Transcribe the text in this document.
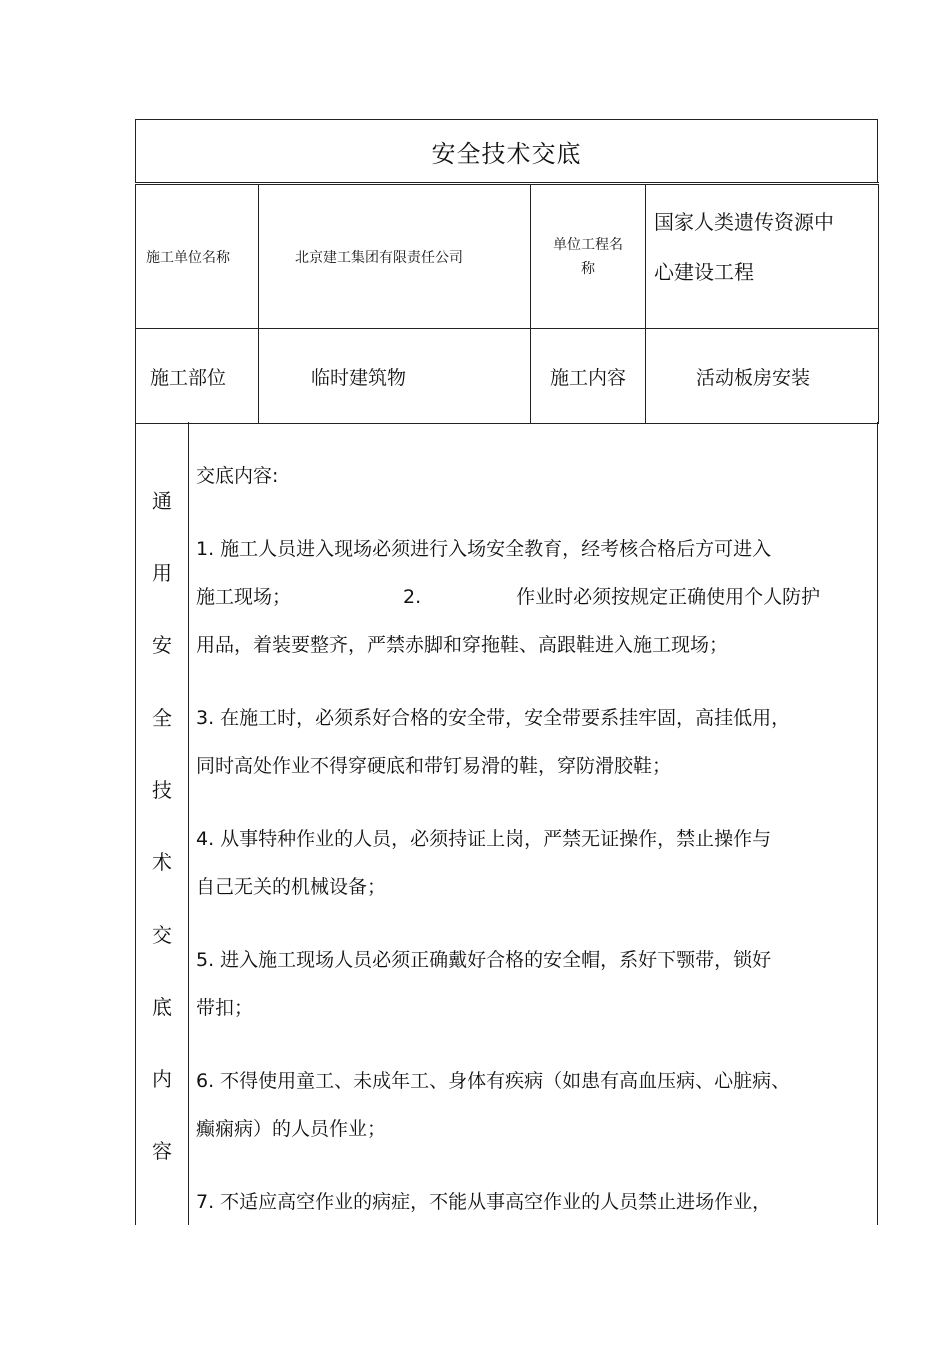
安全技术交底
施工单位名称	北京建工集团有限责任公司	单位工程名
称	国家人类遗传资源中
心建设工程

施工部位	临时建筑物	施工内容	活动板房安装
通
用
安
全
技
术
交
底
内
容

交底内容:

1. 施工人员进入现场必须进行入场安全教育，经考核合格后方可进入

施工现场；	2.	作业时必须按规定正确使用个人防护

用品，着装要整齐，严禁赤脚和穿拖鞋、高跟鞋进入施工现场；

3. 在施工时，必须系好合格的安全带，安全带要系挂牢固，高挂低用，

同时高处作业不得穿硬底和带钉易滑的鞋，穿防滑胶鞋；

4. 从事特种作业的人员，必须持证上岗，严禁无证操作，禁止操作与

自己无关的机械设备；

5. 进入施工现场人员必须正确戴好合格的安全帽，系好下颚带，锁好

带扣；

6. 不得使用童工、未成年工、身体有疾病（如患有高血压病、心脏病、

癫痫病）的人员作业；

7. 不适应高空作业的病症，不能从事高空作业的人员禁止进场作业，
